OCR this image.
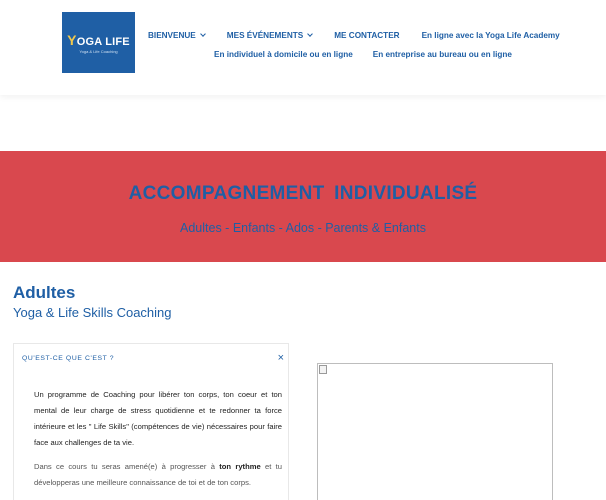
YOGA LIFE
Yoga & Life Coaching
BIENVENUE	MES ÉVÉNEMENTS	ME CONTACTER	En ligne avec la Yoga Life Academy
En individuel à domicile ou en ligne En entreprise au bureau ou en ligne
ACCOMPAGNEMENT INDIVIDUALISÉ
Adultes - Enfants - Ados - Parents & Enfants
Adultes
Yoga & Life Skills Coaching
QU'EST-CE QUE C'EST ?	×

Un programme de Coaching pour libérer ton corps, ton coeur et ton mental de leur charge de stress quotidienne et te redonner ta force intérieure et les " Life Skills" (compétences de vie) nécessaires pour faire face aux challenges de ta vie.

Dans ce cours tu seras amené(e) à progresser à ton rythme et tu développeras une meilleure connaissance de toi et de ton corps.
